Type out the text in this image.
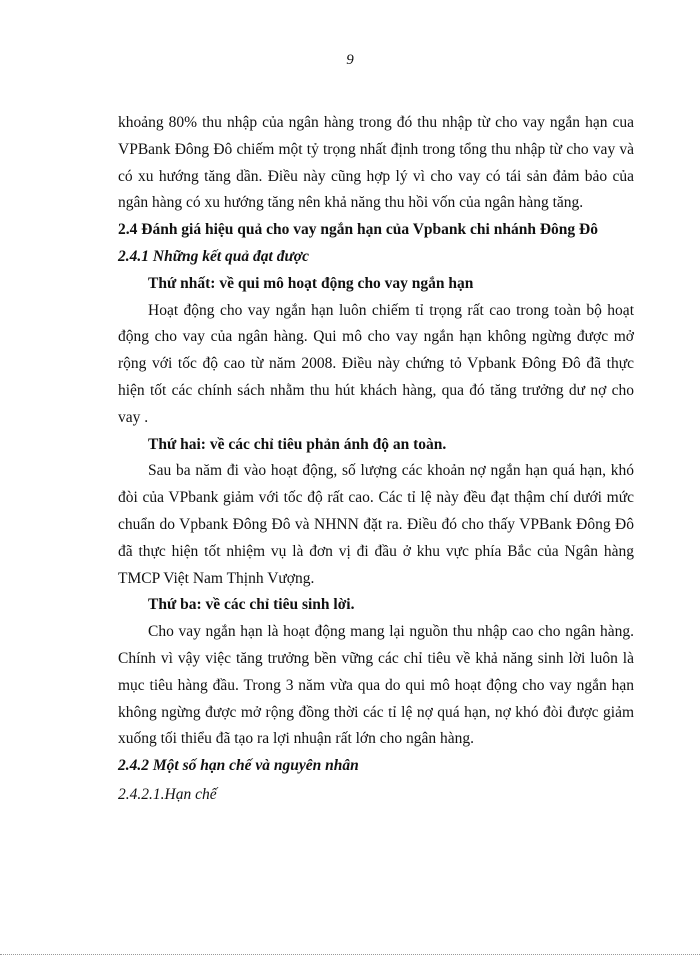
9

khoảng 80% thu nhập của ngân hàng trong đó thu nhập từ cho vay ngắn hạn cua VPBank Đông Đô chiếm một tỷ trọng nhất định trong tổng thu nhập từ cho vay và có xu hướng tăng dần. Điều này cũng hợp lý vì cho vay có tái sản đảm bảo của ngân hàng có xu hướng tăng nên khả năng thu hồi vốn của ngân hàng tăng.

2.4 Đánh giá hiệu quả cho vay ngắn hạn của Vpbank chi nhánh Đông Đô

2.4.1 Những kết quả đạt được

Thứ nhất: về qui mô hoạt động cho vay ngắn hạn

Hoạt động cho vay ngắn hạn luôn chiếm tỉ trọng rất cao trong toàn bộ hoạt động cho vay của ngân hàng. Qui mô cho vay ngắn hạn không ngừng được mở rộng với tốc độ cao từ năm 2008. Điều này chứng tỏ Vpbank Đông Đô đã thực hiện tốt các chính sách nhằm thu hút khách hàng, qua đó tăng trưởng dư nợ cho vay .

Thứ hai: về các chỉ tiêu phản ánh độ an toàn.

Sau ba năm đi vào hoạt động, số lượng các khoản nợ ngắn hạn quá hạn, khó đòi của VPbank giảm với tốc độ rất cao. Các tỉ lệ này đều đạt thậm chí dưới mức chuẩn do Vpbank Đông Đô và NHNN đặt ra. Điều đó cho thấy VPBank Đông Đô đã thực hiện tốt nhiệm vụ là đơn vị đi đầu ở khu vực phía Bắc của Ngân hàng TMCP Việt Nam Thịnh Vượng.

Thứ ba: về các chỉ tiêu sinh lời.

Cho vay ngắn hạn là hoạt động mang lại nguồn thu nhập cao cho ngân hàng. Chính vì vậy việc tăng trưởng bền vững các chỉ tiêu về khả năng sinh lời luôn là mục tiêu hàng đầu. Trong 3 năm vừa qua do qui mô hoạt động cho vay ngắn hạn không ngừng được mở rộng đồng thời các tỉ lệ nợ quá hạn, nợ khó đòi được giảm xuống tối thiểu đã tạo ra lợi nhuận rất lớn cho ngân hàng.

2.4.2 Một số hạn chế và nguyên nhân

2.4.2.1.Hạn chế
